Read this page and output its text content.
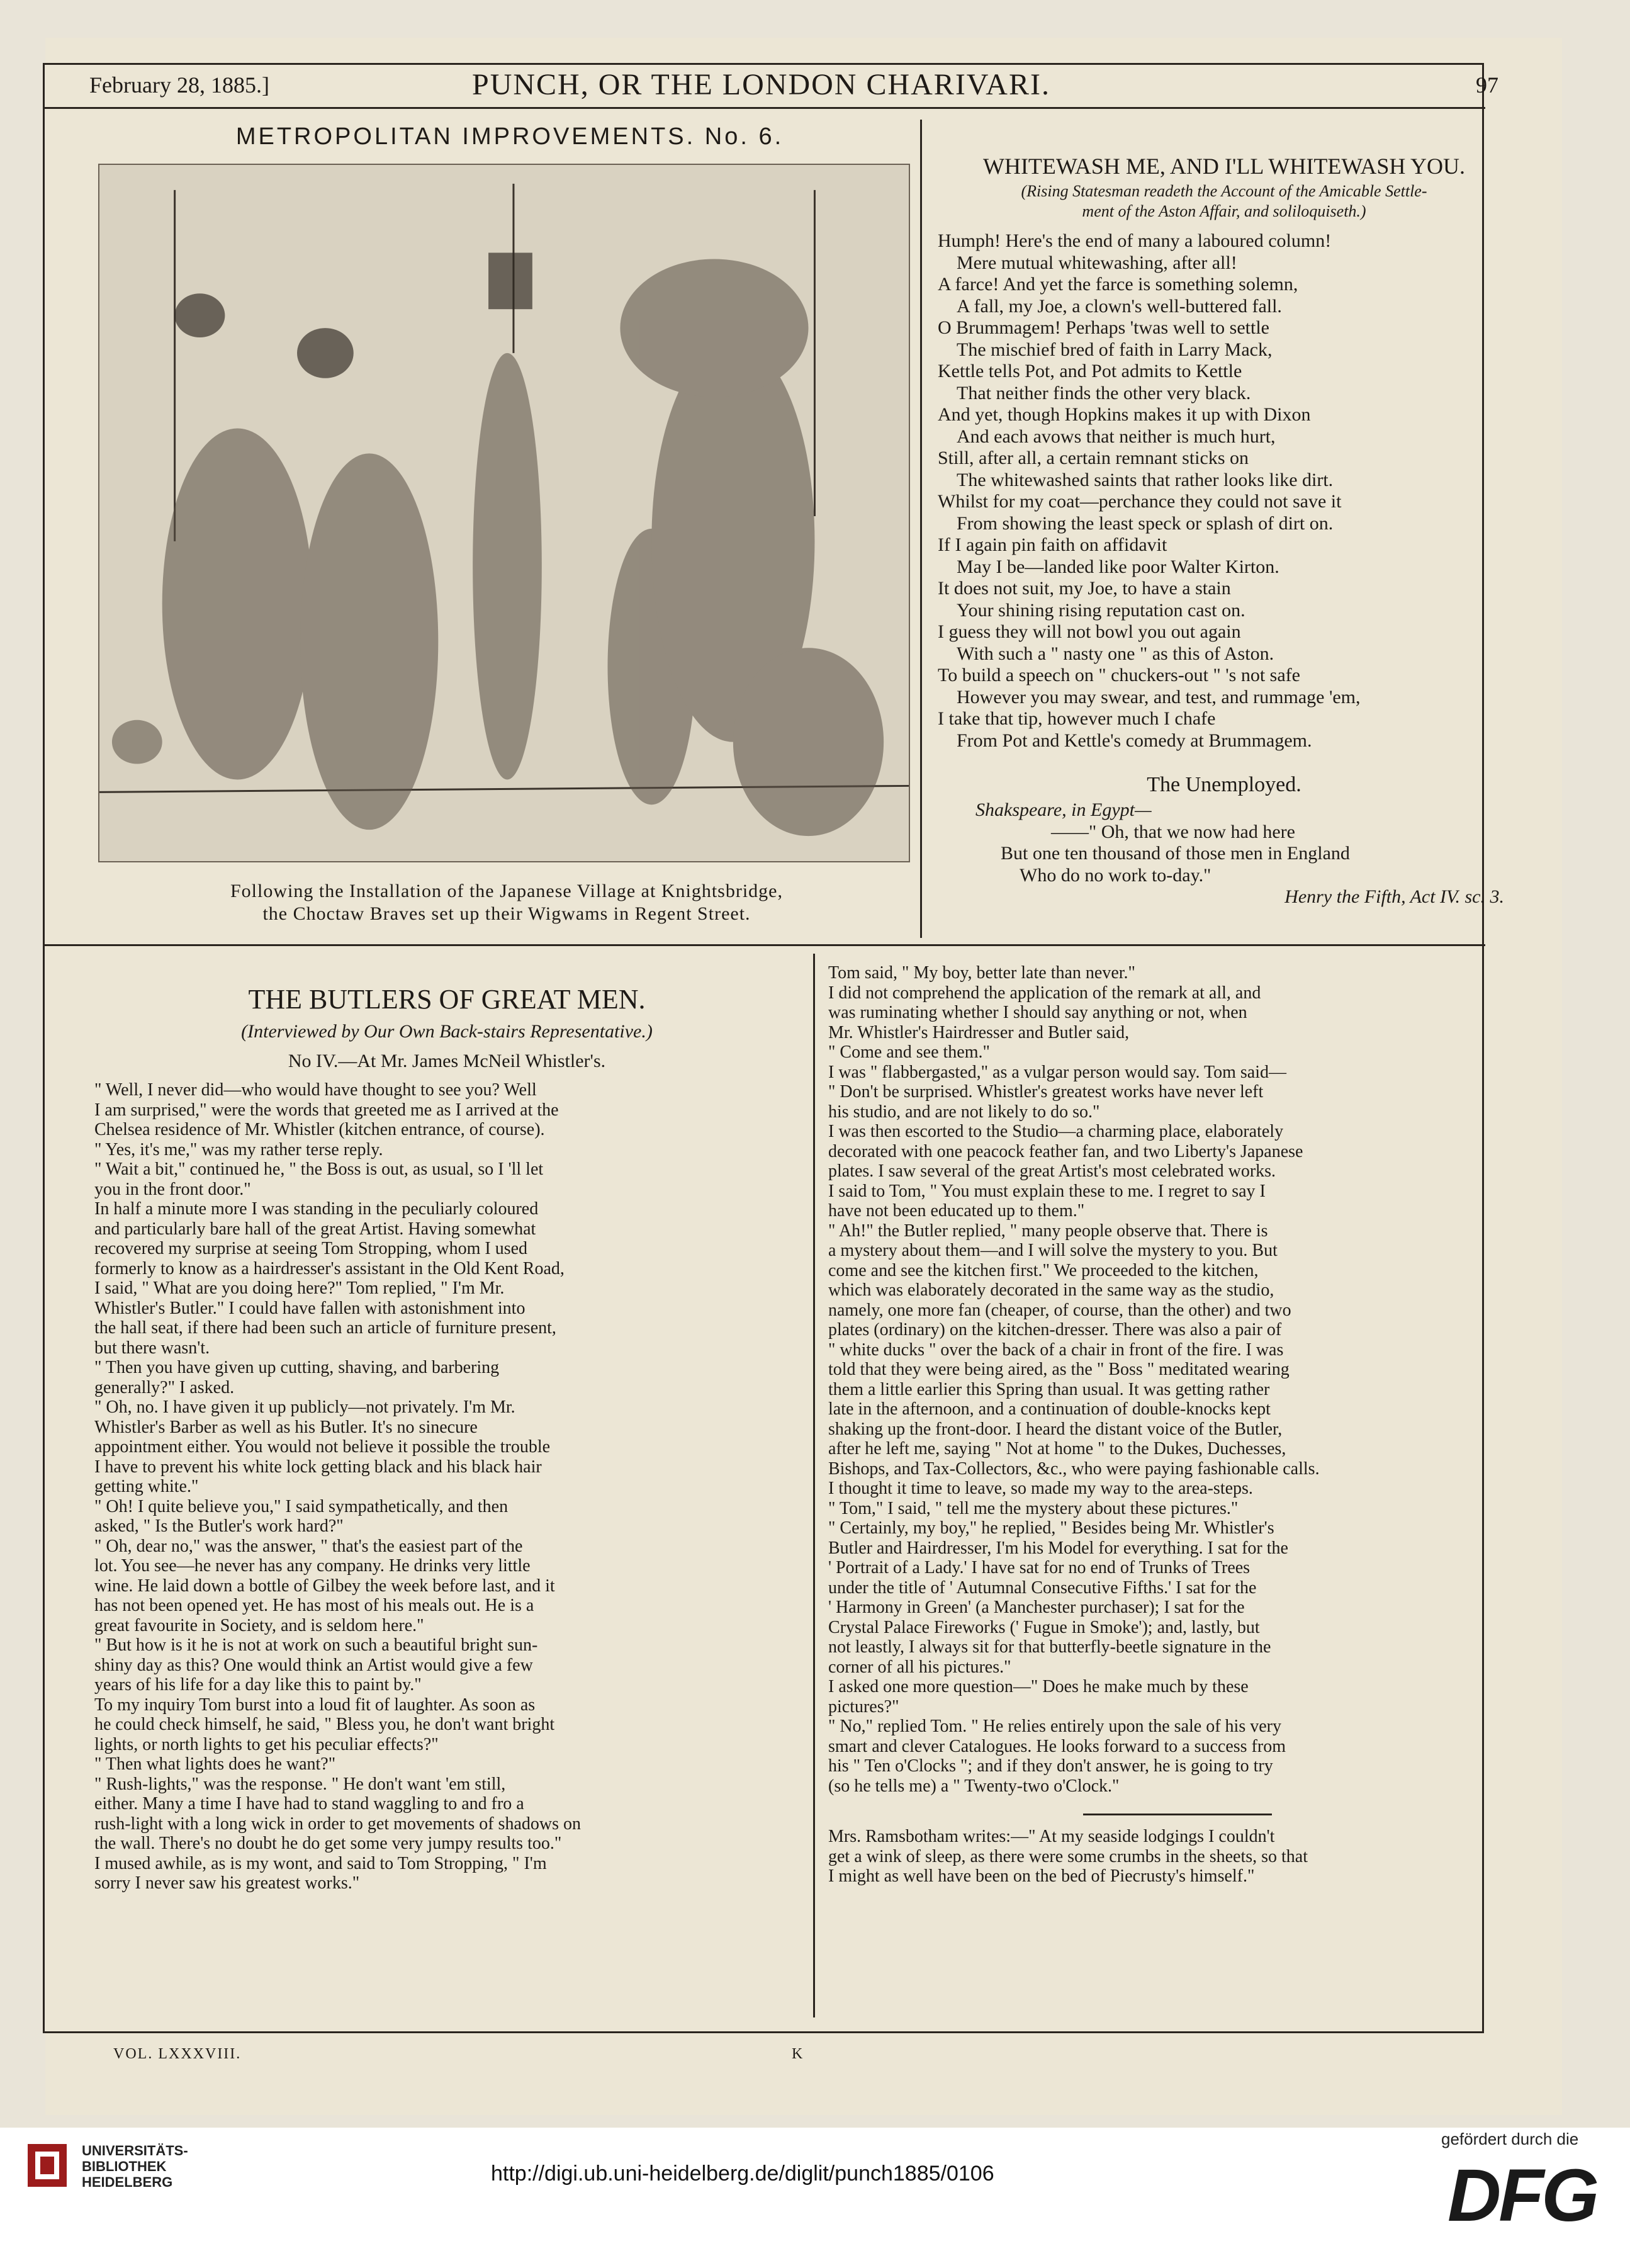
February 28, 1885.]	PUNCH, OR THE LONDON CHARIVARI.	97
METROPOLITAN IMPROVEMENTS. No. 6.
Following the Installation of the Japanese Village at Knightsbridge,
the Choctaw Braves set up their Wigwams in Regent Street.
WHITEWASH ME, AND I'LL WHITEWASH YOU.
(Rising Statesman readeth the Account of the Amicable Settle-
ment of the Aston Affair, and soliloquiseth.)
Humph! Here's the end of many a laboured column!
Mere mutual whitewashing, after all!
A farce! And yet the farce is something solemn,
A fall, my Joe, a clown's well-buttered fall.
O Brummagem! Perhaps 'twas well to settle
The mischief bred of faith in Larry Mack,
Kettle tells Pot, and Pot admits to Kettle
That neither finds the other very black.
And yet, though Hopkins makes it up with Dixon
And each avows that neither is much hurt,
Still, after all, a certain remnant sticks on
The whitewashed saints that rather looks like dirt.
Whilst for my coat—perchance they could not save it
From showing the least speck or splash of dirt on.
If I again pin faith on affidavit
May I be—landed like poor Walter Kirton.
It does not suit, my Joe, to have a stain
Your shining rising reputation cast on.
I guess they will not bowl you out again
With such a " nasty one " as this of Aston.
To build a speech on " chuckers-out " 's not safe
However you may swear, and test, and rummage 'em,
I take that tip, however much I chafe
From Pot and Kettle's comedy at Brummagem.
The Unemployed.
Shakspeare, in Egypt—
——" Oh, that we now had here
But one ten thousand of those men in England
Who do no work to-day."
Henry the Fifth, Act IV. sc. 3.
THE BUTLERS OF GREAT MEN.
(Interviewed by Our Own Back-stairs Representative.)
No IV.—At Mr. James McNeil Whistler's.
" Well, I never did—who would have thought to see you? Well
I am surprised," were the words that greeted me as I arrived at the
Chelsea residence of Mr. Whistler (kitchen entrance, of course).
" Yes, it's me," was my rather terse reply.
" Wait a bit," continued he, " the Boss is out, as usual, so I 'll let
you in the front door."
In half a minute more I was standing in the peculiarly coloured
and particularly bare hall of the great Artist. Having somewhat
recovered my surprise at seeing Tom Stropping, whom I used
formerly to know as a hairdresser's assistant in the Old Kent Road,
I said, " What are you doing here?" Tom replied, " I'm Mr.
Whistler's Butler." I could have fallen with astonishment into
the hall seat, if there had been such an article of furniture present,
but there wasn't.
" Then you have given up cutting, shaving, and barbering
generally?" I asked.
" Oh, no. I have given it up publicly—not privately. I'm Mr.
Whistler's Barber as well as his Butler. It's no sinecure
appointment either. You would not believe it possible the trouble
I have to prevent his white lock getting black and his black hair
getting white."
" Oh! I quite believe you," I said sympathetically, and then
asked, " Is the Butler's work hard?"
" Oh, dear no," was the answer, " that's the easiest part of the
lot. You see—he never has any company. He drinks very little
wine. He laid down a bottle of Gilbey the week before last, and it
has not been opened yet. He has most of his meals out. He is a
great favourite in Society, and is seldom here."
" But how is it he is not at work on such a beautiful bright sun-
shiny day as this? One would think an Artist would give a few
years of his life for a day like this to paint by."
To my inquiry Tom burst into a loud fit of laughter. As soon as
he could check himself, he said, " Bless you, he don't want bright
lights, or north lights to get his peculiar effects?"
" Then what lights does he want?"
" Rush-lights," was the response. " He don't want 'em still,
either. Many a time I have had to stand waggling to and fro a
rush-light with a long wick in order to get movements of shadows on
the wall. There's no doubt he do get some very jumpy results too."
I mused awhile, as is my wont, and said to Tom Stropping, " I'm
sorry I never saw his greatest works."
Tom said, " My boy, better late than never."
I did not comprehend the application of the remark at all, and
was ruminating whether I should say anything or not, when
Mr. Whistler's Hairdresser and Butler said,
" Come and see them."
I was " flabbergasted," as a vulgar person would say. Tom said—
" Don't be surprised. Whistler's greatest works have never left
his studio, and are not likely to do so."
I was then escorted to the Studio—a charming place, elaborately
decorated with one peacock feather fan, and two Liberty's Japanese
plates. I saw several of the great Artist's most celebrated works.
I said to Tom, " You must explain these to me. I regret to say I
have not been educated up to them."
" Ah!" the Butler replied, " many people observe that. There is
a mystery about them—and I will solve the mystery to you. But
come and see the kitchen first." We proceeded to the kitchen,
which was elaborately decorated in the same way as the studio,
namely, one more fan (cheaper, of course, than the other) and two
plates (ordinary) on the kitchen-dresser. There was also a pair of
" white ducks " over the back of a chair in front of the fire. I was
told that they were being aired, as the " Boss " meditated wearing
them a little earlier this Spring than usual. It was getting rather
late in the afternoon, and a continuation of double-knocks kept
shaking up the front-door. I heard the distant voice of the Butler,
after he left me, saying " Not at home " to the Dukes, Duchesses,
Bishops, and Tax-Collectors, &c., who were paying fashionable calls.
I thought it time to leave, so made my way to the area-steps.
" Tom," I said, " tell me the mystery about these pictures."
" Certainly, my boy," he replied, " Besides being Mr. Whistler's
Butler and Hairdresser, I'm his Model for everything. I sat for the
' Portrait of a Lady.' I have sat for no end of Trunks of Trees
under the title of ' Autumnal Consecutive Fifths.' I sat for the
' Harmony in Green' (a Manchester purchaser); I sat for the
Crystal Palace Fireworks (' Fugue in Smoke'); and, lastly, but
not leastly, I always sit for that butterfly-beetle signature in the
corner of all his pictures."
I asked one more question—" Does he make much by these
pictures?"
" No," replied Tom. " He relies entirely upon the sale of his very
smart and clever Catalogues. He looks forward to a success from
his " Ten o'Clocks "; and if they don't answer, he is going to try
(so he tells me) a " Twenty-two o'Clock."
Mrs. Ramsbotham writes:—" At my seaside lodgings I couldn't
get a wink of sleep, as there were some crumbs in the sheets, so that
I might as well have been on the bed of Piecrusty's himself."
VOL. LXXXVIII.	K
UNIVERSITÄTS-
BIBLIOTHEK
HEIDELBERG	http://digi.ub.uni-heidelberg.de/diglit/punch1885/0106
gefördert durch die
DFG
